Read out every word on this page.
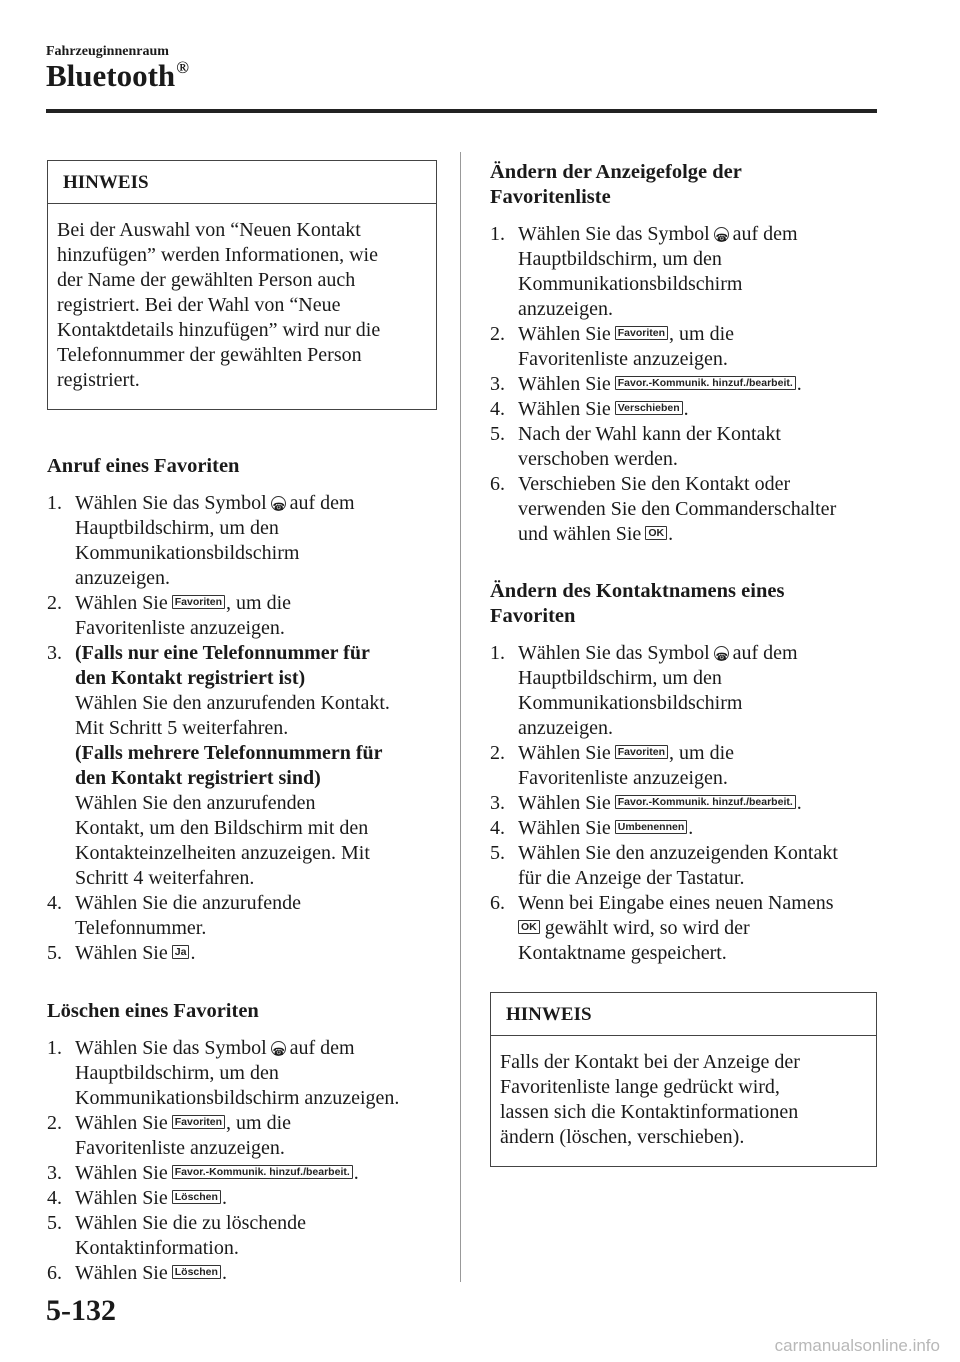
Fahrzeuginnenraum
Bluetooth®
HINWEIS
Bei der Auswahl von “Neuen Kontakt
hinzufügen” werden Informationen, wie
der Name der gewählten Person auch
registriert. Bei der Wahl von “Neue
Kontaktdetails hinzufügen” wird nur die
Telefonnummer der gewählten Person
registriert.
Anruf eines Favoriten
1. Wählen Sie das Symbol ☎ auf dem
Hauptbildschirm, um den
Kommunikationsbildschirm
anzuzeigen.
2. Wählen Sie Favoriten , um die
Favoritenliste anzuzeigen.
3. (Falls nur eine Telefonnummer für
den Kontakt registriert ist)
Wählen Sie den anzurufenden Kontakt.
Mit Schritt 5 weiterfahren.
(Falls mehrere Telefonnummern für
den Kontakt registriert sind)
Wählen Sie den anzurufenden
Kontakt, um den Bildschirm mit den
Kontakteinzelheiten anzuzeigen. Mit
Schritt 4 weiterfahren.
4. Wählen Sie die anzurufende
Telefonnummer.
5. Wählen Sie Ja .
Löschen eines Favoriten
1. Wählen Sie das Symbol ☎ auf dem
Hauptbildschirm, um den
Kommunikationsbildschirm anzuzeigen.
2. Wählen Sie Favoriten , um die
Favoritenliste anzuzeigen.
3. Wählen Sie Favor.-Kommunik. hinzuf./bearbeit. .
4. Wählen Sie Löschen .
5. Wählen Sie die zu löschende
Kontaktinformation.
6. Wählen Sie Löschen .
Ändern der Anzeigefolge der
Favoritenliste
1. Wählen Sie das Symbol ☎ auf dem
Hauptbildschirm, um den
Kommunikationsbildschirm
anzuzeigen.
2. Wählen Sie Favoriten , um die
Favoritenliste anzuzeigen.
3. Wählen Sie Favor.-Kommunik. hinzuf./bearbeit. .
4. Wählen Sie Verschieben .
5. Nach der Wahl kann der Kontakt
verschoben werden.
6. Verschieben Sie den Kontakt oder
verwenden Sie den Commanderschalter
und wählen Sie OK .
Ändern des Kontaktnamens eines
Favoriten
1. Wählen Sie das Symbol ☎ auf dem
Hauptbildschirm, um den
Kommunikationsbildschirm
anzuzeigen.
2. Wählen Sie Favoriten , um die
Favoritenliste anzuzeigen.
3. Wählen Sie Favor.-Kommunik. hinzuf./bearbeit. .
4. Wählen Sie Umbenennen .
5. Wählen Sie den anzuzeigenden Kontakt
für die Anzeige der Tastatur.
6. Wenn bei Eingabe eines neuen Namens
OK gewählt wird, so wird der
Kontaktname gespeichert.
HINWEIS
Falls der Kontakt bei der Anzeige der
Favoritenliste lange gedrückt wird,
lassen sich die Kontaktinformationen
ändern (löschen, verschieben).
5-132
carmanualsonline.info
